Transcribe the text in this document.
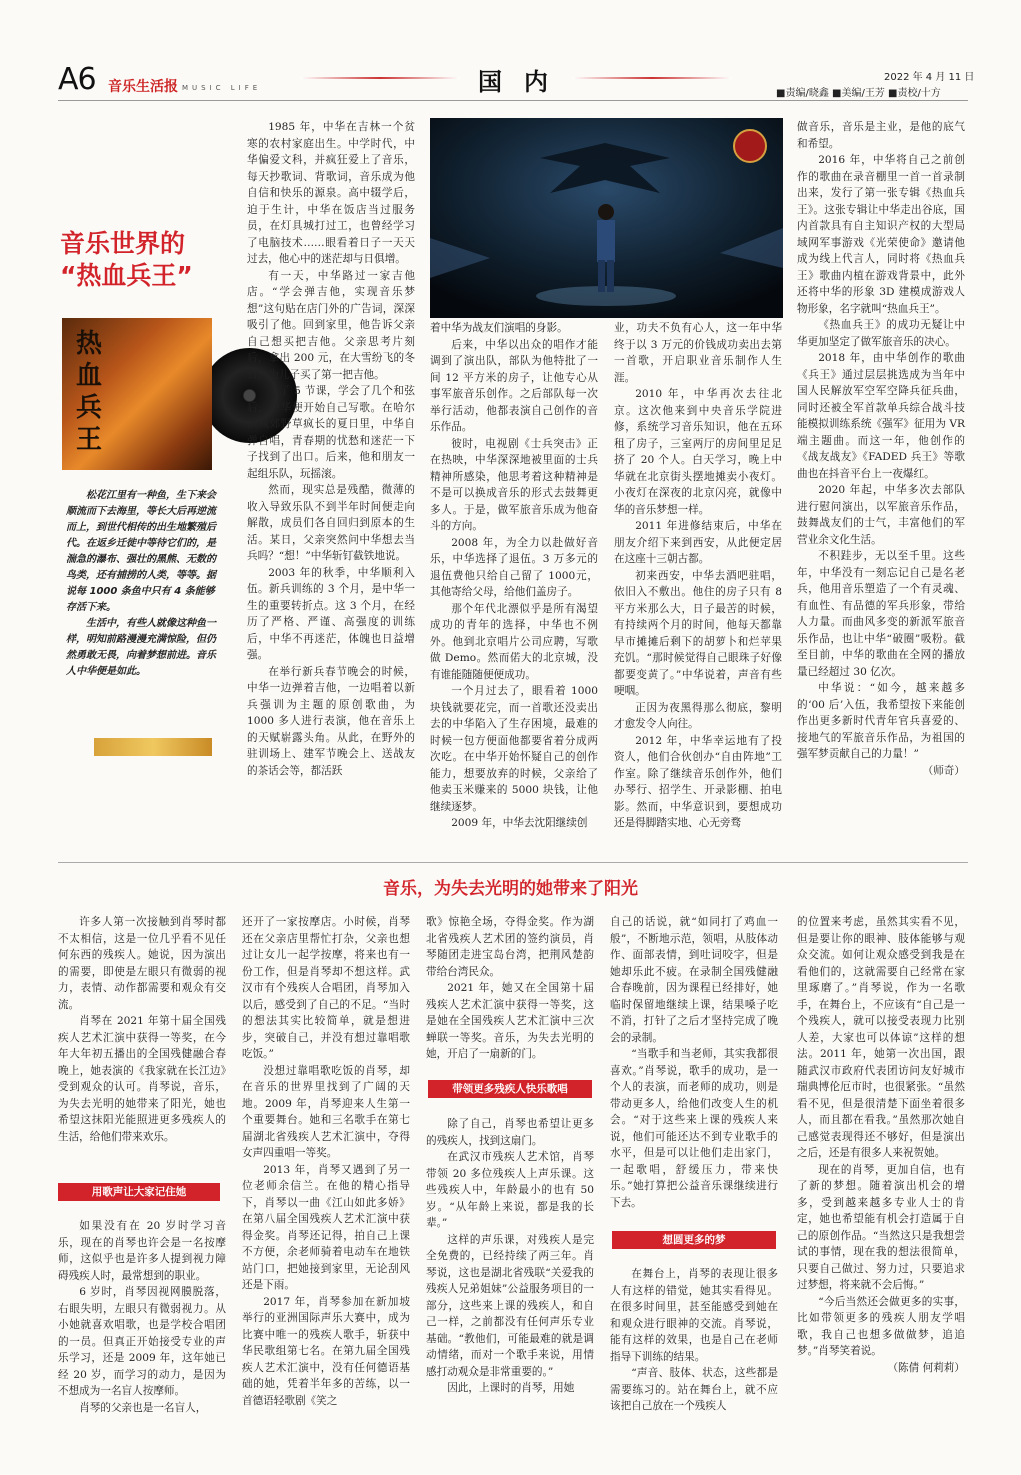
A6 音乐生活报 MUSIC LIFE	国内	2022 年 4 月 11 日
■责编/晓鑫 ■美编/王芳 ■责校/十方
音乐世界的
“热血兵王”
热血兵王

松花江里有一种鱼，生下来会顺流而下去海里，等长大后再逆流而上，到世代相传的出生地繁殖后代。在返乡迁徙中等待它们的，是湍急的瀑布、强壮的黑熊、无数的鸟类，还有捕捞的人类，等等。据说每 1000 条鱼中只有 4 条能够存活下来。

生活中，有些人就像这种鱼一样，明知前路漫漫充满惊险，但仍然勇敢无畏，向着梦想前进。音乐人中华便是如此。

1985 年，中华在吉林一个贫寒的农村家庭出生。中学时代，中华偏爱文科，并疯狂爱上了音乐，每天抄歌词、背歌词，音乐成为他自信和快乐的源泉。高中辍学后，迫于生计，中华在饭店当过服务员，在灯具城打过工，也曾经学习了电脑技术……眼看着日子一天天过去，他心中的迷茫却与日俱增。

有一天，中华路过一家吉他店。“学会弹吉他，实现音乐梦想”这句贴在店门外的广告词，深深吸引了他。回到家里，他告诉父亲自己想买把吉他。父亲思考片刻后，拿出 200 元，在大雪纷飞的冬日，为儿子买了第一把吉他。

上了 5 节课，学会了几个和弦后，中华便开始自己写歌。在哈尔滨城郊野草疯长的夏日里，中华自弹自唱，青春期的忧愁和迷茫一下子找到了出口。后来，他和朋友一起组乐队，玩摇滚。

然而，现实总是残酷，微薄的收入导致乐队不到半年时间便走向解散，成员们各自回归到原本的生活。某日，父亲突然问中华想去当兵吗？“想！”中华斩钉截铁地说。

2003 年的秋季，中华顺利入伍。新兵训练的 3 个月，是中华一生的重要转折点。这 3 个月，在经历了严格、严谨、高强度的训练后，中华不再迷茫，体魄也日益增强。

在举行新兵春节晚会的时候，中华一边弹着吉他，一边唱着以新兵强训为主题的原创歌曲，为 1000 多人进行表演，他在音乐上的天赋崭露头角。从此，在野外的驻训场上、建军节晚会上、送战友的茶话会等，都活跃

着中华为战友们演唱的身影。

后来，中华以出众的唱作才能调到了演出队，部队为他特批了一间 12 平方米的房子，让他专心从事军旅音乐创作。之后部队每一次举行活动，他都表演自己创作的音乐作品。

彼时，电视剧《士兵突击》正在热映，中华深深地被里面的士兵精神所感染，他思考着这种精神是不是可以换成音乐的形式去鼓舞更多人。于是，做军旅音乐成为他奋斗的方向。

2008 年，为全力以赴做好音乐，中华选择了退伍。3 万多元的退伍费他只给自己留了 1000元，其他寄给父母，给他们盖房子。

那个年代北漂似乎是所有渴望成功的青年的选择，中华也不例外。他到北京唱片公司应聘，写歌做 Demo。然而偌大的北京城，没有谁能随随便便成功。

一个月过去了，眼看着 1000 块钱就要花完，而一首歌还没卖出去的中华陷入了生存困境，最难的时候一包方便面他都要省着分成两次吃。在中华开始怀疑自己的创作能力，想要放弃的时候，父亲给了他卖玉米赚来的 5000 块钱，让他继续逐梦。

2009 年，中华去沈阳继续创

业，功夫不负有心人，这一年中华终于以 3 万元的价钱成功卖出去第一首歌，开启职业音乐制作人生涯。

2010 年，中华再次去往北京。这次他来到中央音乐学院进修，系统学习音乐知识，他在五环租了房子，三室两厅的房间里足足挤了 20 个人。白天学习，晚上中华就在北京街头摆地摊卖小夜灯。小夜灯在深夜的北京闪亮，就像中华的音乐梦想一样。

2011 年进修结束后，中华在朋友介绍下来到西安，从此便定居在这座十三朝古都。

初来西安，中华去酒吧驻唱，依旧入不敷出。他住的房子只有 8 平方米那么大，日子最苦的时候，有持续两个月的时间，他每天都靠早市摊摊后剩下的胡萝卜和烂苹果充饥。“那时候觉得自己眼珠子好像都要变黄了。”中华说着，声音有些哽咽。

正因为夜黑得那么彻底，黎明才愈发令人向往。

2012 年，中华幸运地有了投资人，他们合伙创办“自由阵地”工作室。除了继续音乐创作外，他们办琴行、招学生、开录影棚、拍电影。然而，中华意识到，要想成功还是得脚踏实地、心无旁骛

做音乐，音乐是主业，是他的底气和希望。

2016 年，中华将自己之前创作的歌曲在录音棚里一首一首录制出来，发行了第一张专辑《热血兵王》。这张专辑让中华走出谷底，国内首款具有自主知识产权的大型局域网军事游戏《光荣使命》邀请他成为线上代言人，同时将《热血兵王》歌曲内植在游戏背景中，此外还将中华的形象 3D 建模成游戏人物形象，名字就叫“热血兵王”。

《热血兵王》的成功无疑让中华更加坚定了做军旅音乐的决心。

2018 年，由中华创作的歌曲《兵王》通过层层挑选成为当年中国人民解放军空军空降兵征兵曲，同时还被全军首款单兵综合战斗技能模拟训练系统《强军》征用为 VR 端主题曲。而这一年，他创作的《战友战友》《FADED 兵王》等歌曲也在抖音平台上一夜爆红。

2020 年起，中华多次去部队进行慰问演出，以军旅音乐作品，鼓舞战友们的士气，丰富他们的军营业余文化生活。

不积跬步，无以至千里。这些年，中华没有一刻忘记自己是名老兵，他用音乐塑造了一个有灵魂、有血性、有品德的军兵形象，带给人力量。而曲风多变的新派军旅音乐作品，也让中华“破圈”吸粉。截至目前，中华的歌曲在全网的播放量已经超过 30 亿次。

中华说：“如今，越来越多的‘00 后’入伍，我希望按下来能创作出更多新时代青年官兵喜爱的、接地气的军旅音乐作品，为祖国的强军梦贡献自己的力量！”

（师奇）
音乐，为失去光明的她带来了阳光

许多人第一次接触到肖琴时都不太相信，这是一位几乎看不见任何东西的残疾人。她说，因为演出的需要，即使是左眼只有微弱的视力，表情、动作都需要和观众有交流。

肖琴在 2021 年第十届全国残疾人艺术汇演中获得一等奖，在今年大年初五播出的全国残健融合春晚上，她表演的《我家就在长江边》受到观众的认可。肖琴说，音乐，为失去光明的她带来了阳光，她也希望这抹阳光能照进更多残疾人的生活，给他们带来欢乐。

用歌声让大家记住她

如果没有在 20 岁时学习音乐，现在的肖琴也许会是一名按摩师，这似乎也是许多人提到视力障碍残疾人时，最常想到的职业。

6 岁时，肖琴因视网膜脱落，右眼失明，左眼只有微弱视力。从小她就喜欢唱歌，也是学校合唱团的一员。但真正开始接受专业的声乐学习，还是 2009 年，这年她已经 20 岁，而学习的动力，是因为不想成为一名盲人按摩师。

肖琴的父亲也是一名盲人，

还开了一家按摩店。小时候，肖琴还在父亲店里帮忙打杂，父亲也想过让女儿一起学按摩，将来也有一份工作，但是肖琴却不想这样。武汉市有个残疾人合唱团，肖琴加入以后，感受到了自己的不足。“当时的想法其实比较简单，就是想进步，突破自己，并没有想过靠唱歌吃饭。”

没想过靠唱歌吃饭的肖琴，却在音乐的世界里找到了广阔的天地。2009 年，肖琴迎来人生第一个重要舞台。她和三名歌手在第七届湖北省残疾人艺术汇演中，夺得女声四重唱一等奖。

2013 年，肖琴又遇到了另一位老师余信兰。在他的精心指导下，肖琴以一曲《江山如此多娇》在第八届全国残疾人艺术汇演中获得金奖。肖琴还记得，拍自己上课不方便，余老师骑着电动车在地铁站门口，把她接到家里，无论刮风还是下雨。

2017 年，肖琴参加在新加坡举行的亚洲国际声乐大赛中，成为比赛中唯一的残疾人歌手，斩获中华民歌组第七名。在第九届全国残疾人艺术汇演中，没有任何德语基础的她，凭着半年多的苦练，以一首德语轻歌剧《笑之

歌》惊艳全场，夺得金奖。作为湖北省残疾人艺术团的签约演员，肖琴随团走进宝岛台湾，把荆风楚韵带给台湾民众。

2021 年，她又在全国第十届残疾人艺术汇演中获得一等奖，这是她在全国残疾人艺术汇演中三次蝉联一等奖。音乐，为失去光明的她，开启了一扇新的门。

带领更多残疾人快乐歌唱

除了自己，肖琴也希望让更多的残疾人，找到这扇门。

在武汉市残疾人艺术馆，肖琴带领 20 多位残疾人上声乐课。这些残疾人中，年龄最小的也有 50 岁。“从年龄上来说，都是我的长辈。”

这样的声乐课，对残疾人是完全免费的，已经持续了两三年。肖琴说，这也是湖北省残联“关爱我的残疾人兄弟姐妹”公益服务项目的一部分，这些来上课的残疾人，和自己一样，之前都没有任何声乐专业基础。“教他们，可能最难的就是调动情绪，而对一个歌手来说，用情感打动观众是非常重要的。”

因此，上课时的肖琴，用她

自己的话说，就“如同打了鸡血一般”，不断地示范，领唱，从肢体动作、面部表情，到吐词咬字，但是她却乐此不疲。在录制全国残健融合春晚前，因为课程已经排好，她临时保留地继续上课，结果嗓子吃不消，打针了之后才坚持完成了晚会的录制。

“当歌手和当老师，其实我都很喜欢。”肖琴说，歌手的成功，是一个人的表演，而老师的成功，则是带动更多人，给他们改变人生的机会。“对于这些来上课的残疾人来说，他们可能还达不到专业歌手的水平，但是可以让他们走出家门，一起歌唱，舒缓压力，带来快乐。”她打算把公益音乐课继续进行下去。

想圆更多的梦

在舞台上，肖琴的表现让很多人有这样的错觉，她其实看得见。在很多时间里，甚至能感受到她在和观众进行眼神的交流。肖琴说，能有这样的效果，也是自己在老师指导下训练的结果。

“声音、肢体、状态，这些都是需要练习的。站在舞台上，就不应该把自己放在一个残疾人

的位置来考虑，虽然其实看不见，但是要让你的眼神、肢体能够与观众交流。如何让观众感受到我是在看他们的，这就需要自己经常在家里琢磨了。”肖琴说，作为一名歌手，在舞台上，不应该有“自己是一个残疾人，就可以接受表现力比别人差，大家也可以体谅”这样的想法。2011 年，她第一次出国，跟随武汉市政府代表团访问友好城市瑞典博伦厄市时，也很紧张。“虽然看不见，但是很清楚下面坐着很多人，而且都在看我。”虽然那次她自己感觉表现得还不够好，但是演出之后，还是有很多人来祝贺她。

现在的肖琴，更加自信，也有了新的梦想。随着演出机会的增多，受到越来越多专业人士的肯定，她也希望能有机会打造属于自己的原创作品。“当然这只是我想尝试的事情，现在我的想法很简单，只要自己做过、努力过，只要追求过梦想，将来就不会后悔。”

“今后当然还会做更多的实事，比如带领更多的残疾人朋友学唱歌，我自己也想多做做梦，追追梦。”肖琴笑着说。

（陈倩 何莉莉）
